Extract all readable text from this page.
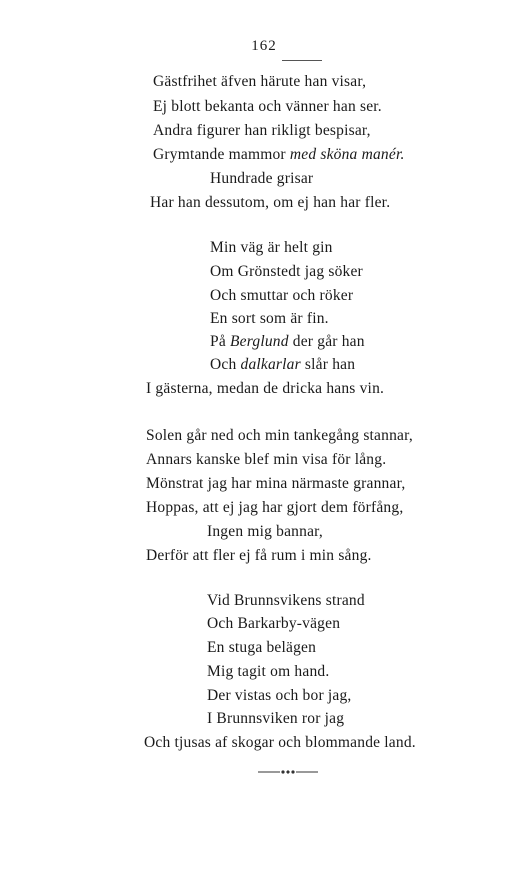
162
Gästfrihet äfven härute han visar,
Ej blott bekanta och vänner han ser.
Andra figurer han rikligt bespisar,
Grymtande mammor med sköna manér.
Hundrade grisar
Har han dessutom, om ej han har fler.
Min väg är helt gin
Om Grönstedt jag söker
Och smuttar och röker
En sort som är fin.
På Berglund der går han
Och dalkarlar slår han
I gästerna, medan de dricka hans vin.
Solen går ned och min tankegång stannar,
Annars kanske blef min visa för lång.
Mönstrat jag har mina närmaste grannar,
Hoppas, att ej jag har gjort dem förfång,
Ingen mig bannar,
Derför att fler ej få rum i min sång.
Vid Brunnsvikens strand
Och Barkarby-vägen
En stuga belägen
Mig tagit om hand.
Der vistas och bor jag,
I Brunnsviken ror jag
Och tjusas af skogar och blommande land.
